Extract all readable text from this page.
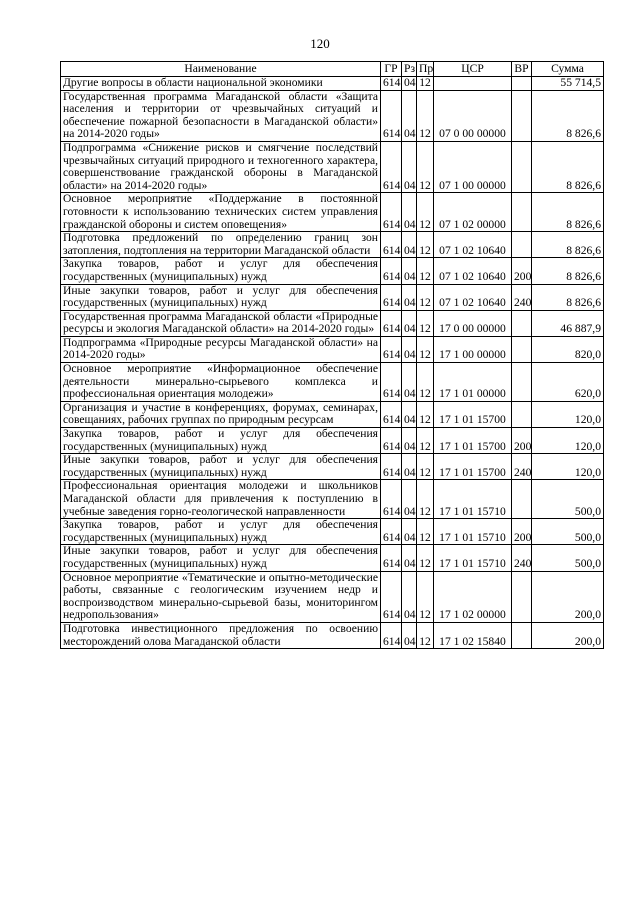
120
Наименование	ГР	Рз	Пр	ЦСР	ВР	Сумма
Другие вопросы в области национальной экономики	614	04	12			55 714,5
Государственная программа Магаданской области «Защита населения и территории от чрезвычайных ситуаций и обеспечение пожарной безопасности в Магаданской области» на 2014-2020 годы»	614	04	12	07 0 00 00000		8 826,6
Подпрограмма «Снижение рисков и смягчение последствий чрезвычайных ситуаций природного и техногенного характера, совершенствование гражданской обороны в Магаданской области» на 2014-2020 годы»	614	04	12	07 1 00 00000		8 826,6
Основное мероприятие «Поддержание в постоянной готовности к использованию технических систем управления гражданской обороны и систем оповещения»	614	04	12	07 1 02 00000		8 826,6
Подготовка предложений по определению границ зон затопления, подтопления на территории Магаданской области	614	04	12	07 1 02 10640		8 826,6
Закупка товаров, работ и услуг для обеспечения государственных (муниципальных) нужд	614	04	12	07 1 02 10640	200	8 826,6
Иные закупки товаров, работ и услуг для обеспечения государственных (муниципальных) нужд	614	04	12	07 1 02 10640	240	8 826,6
Государственная программа Магаданской области «Природные ресурсы и экология Магаданской области» на 2014-2020 годы»	614	04	12	17 0 00 00000		46 887,9
Подпрограмма «Природные ресурсы Магаданской области» на 2014-2020 годы»	614	04	12	17 1 00 00000		820,0
Основное мероприятие «Информационное обеспечение деятельности минерально-сырьевого комплекса и профессиональная ориентация молодежи»	614	04	12	17 1 01 00000		620,0
Организация и участие в конференциях, форумах, семинарах, совещаниях, рабочих группах по природным ресурсам	614	04	12	17 1 01 15700		120,0
Закупка товаров, работ и услуг для обеспечения государственных (муниципальных) нужд	614	04	12	17 1 01 15700	200	120,0
Иные закупки товаров, работ и услуг для обеспечения государственных (муниципальных) нужд	614	04	12	17 1 01 15700	240	120,0
Профессиональная ориентация молодежи и школьников Магаданской области для привлечения к поступлению в учебные заведения горно-геологической направленности	614	04	12	17 1 01 15710		500,0
Закупка товаров, работ и услуг для обеспечения государственных (муниципальных) нужд	614	04	12	17 1 01 15710	200	500,0
Иные закупки товаров, работ и услуг для обеспечения государственных (муниципальных) нужд	614	04	12	17 1 01 15710	240	500,0
Основное мероприятие «Тематические и опытно-методические работы, связанные с геологическим изучением недр и воспроизводством минерально-сырьевой базы, мониторингом недропользования»	614	04	12	17 1 02 00000		200,0
Подготовка инвестиционного предложения по освоению месторождений олова Магаданской области	614	04	12	17 1 02 15840		200,0
